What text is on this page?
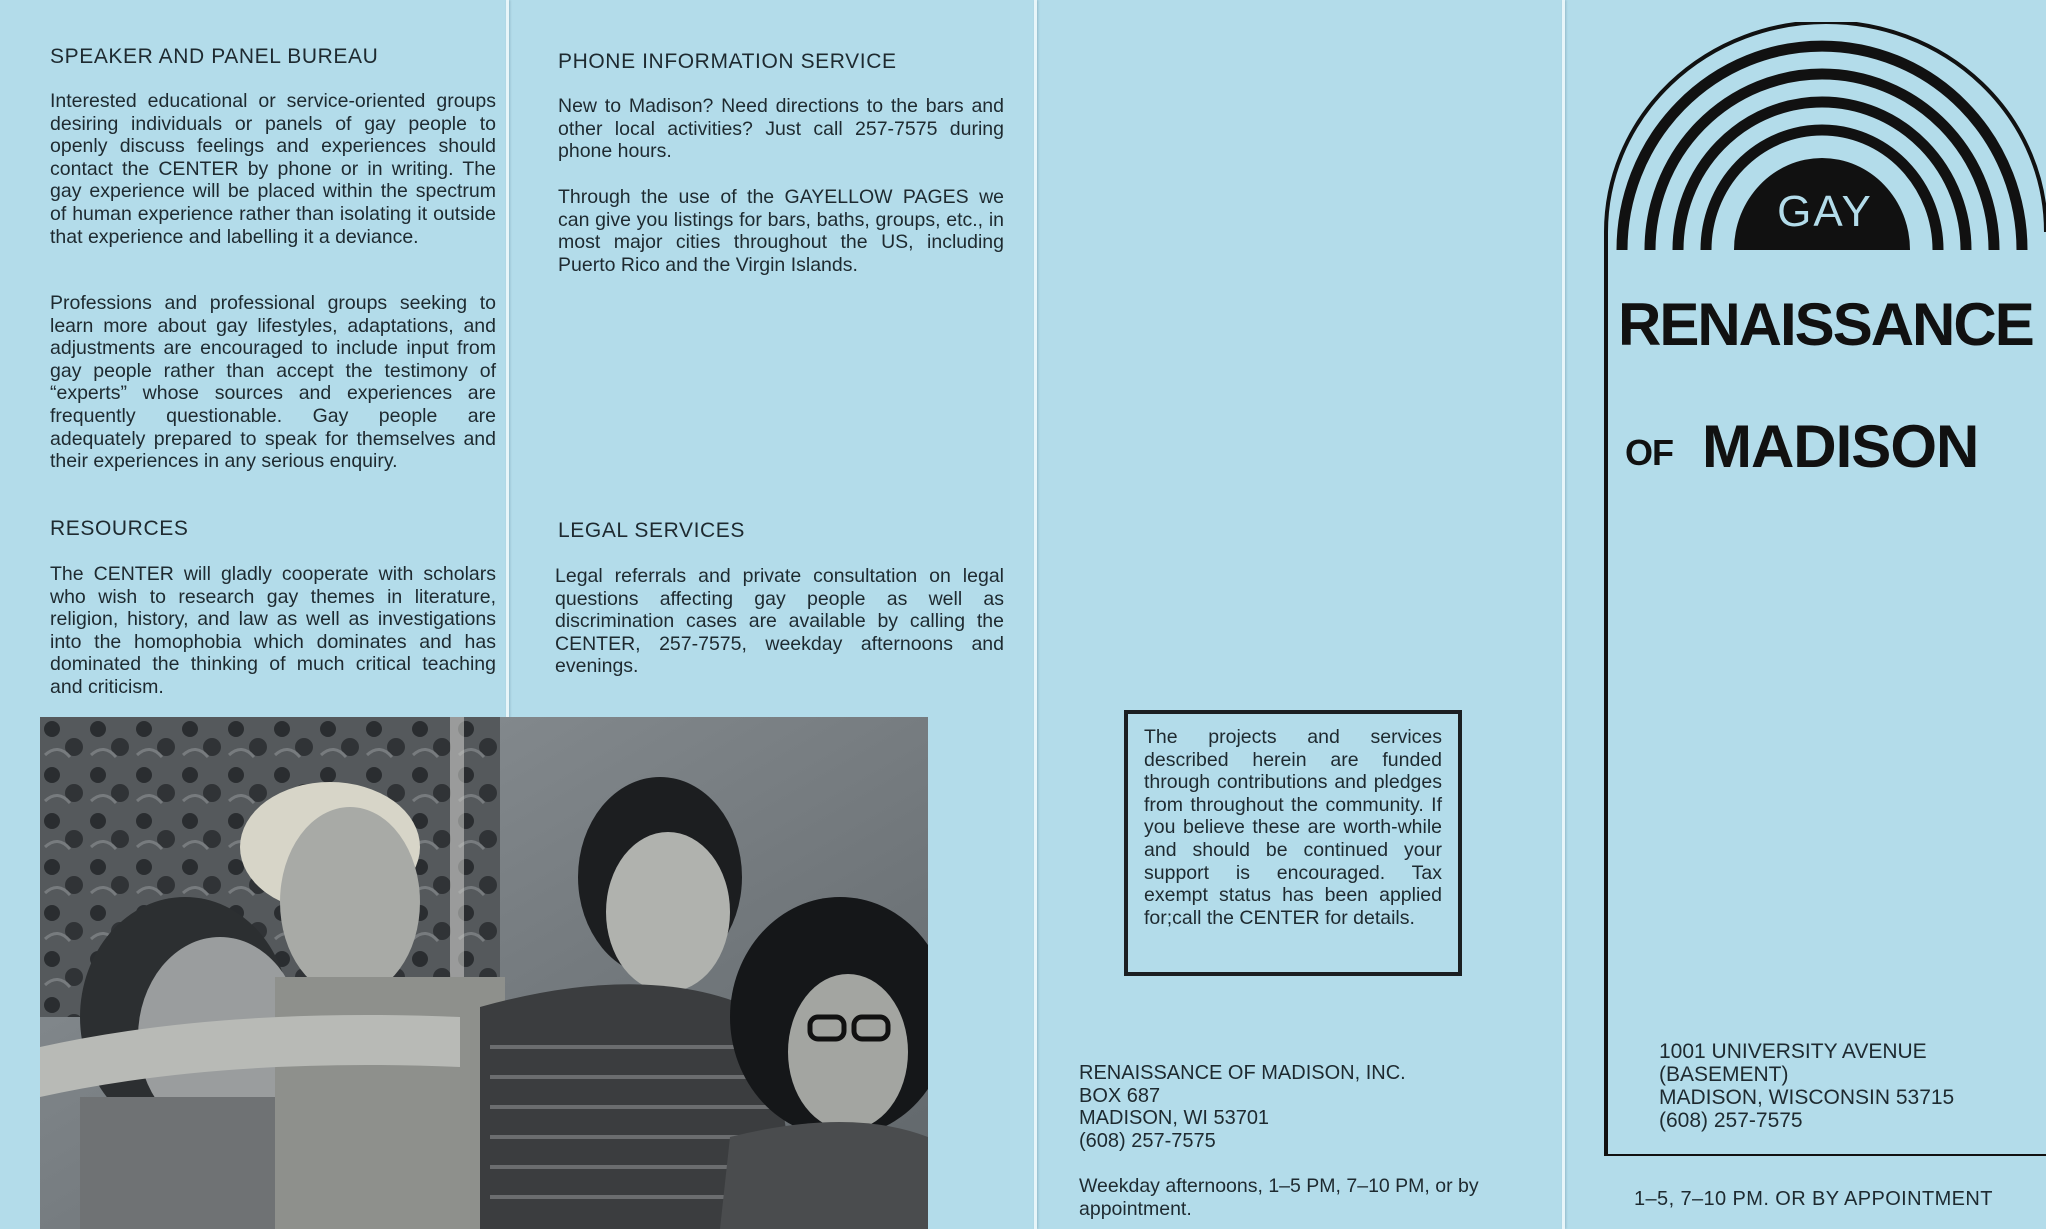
SPEAKER AND PANEL BUREAU
Interested educational or service-oriented groups desiring individuals or panels of gay people to openly discuss feelings and experiences should contact the CENTER by phone or in writing. The gay experience will be placed within the spectrum of human experience rather than isolating it outside that experience and labelling it a deviance.
Professions and professional groups seeking to learn more about gay lifestyles, adaptations, and adjustments are encouraged to include input from gay people rather than accept the testimony of “experts” whose sources and experiences are frequently questionable. Gay people are adequately prepared to speak for themselves and their experiences in any serious enquiry.
RESOURCES
The CENTER will gladly cooperate with scholars who wish to research gay themes in literature, religion, history, and law as well as investigations into the homophobia which dominates and has dominated the thinking of much critical teaching and criticism.
PHONE INFORMATION SERVICE
New to Madison? Need directions to the bars and other local activities? Just call 257-7575 during phone hours.
Through the use of the GAYELLOW PAGES we can give you listings for bars, baths, groups, etc., in most major cities throughout the US, including Puerto Rico and the Virgin Islands.
LEGAL SERVICES
Legal referrals and private consultation on legal questions affecting gay people as well as discrimination cases are available by calling the CENTER, 257-7575, weekday afternoons and evenings.
The projects and services described herein are funded through contributions and pledges from throughout the community. If you believe these are worth-while and should be continued your support is encouraged. Tax exempt status has been applied for;call the CENTER for details.
RENAISSANCE OF MADISON, INC.
BOX 687
MADISON, WI 53701
(608) 257-7575
Weekday afternoons, 1–5 PM, 7–10 PM, or by appointment.
GAY
RENAISSANCE
OF MADISON
1001 UNIVERSITY AVENUE
(BASEMENT)
MADISON, WISCONSIN 53715
(608) 257-7575
1–5, 7–10 PM. OR BY APPOINTMENT
